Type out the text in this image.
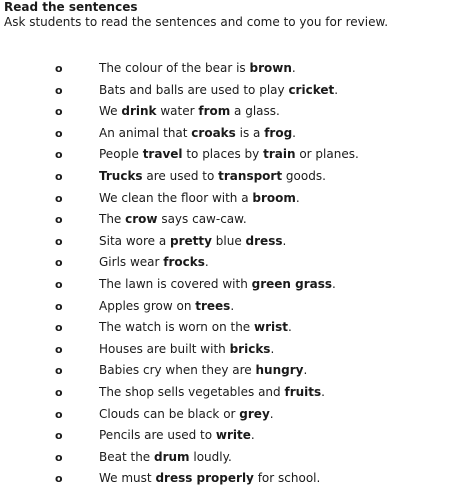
Read the sentences
Ask students to read the sentences and come to you for review.
o	The colour of the bear is brown.
o	Bats and balls are used to play cricket.
o	We drink water from a glass.
o	An animal that croaks is a frog.
o	People travel to places by train or planes.
o	Trucks are used to transport goods.
o	We clean the floor with a broom.
o	The crow says caw-caw.
o	Sita wore a pretty blue dress.
o	Girls wear frocks.
o	The lawn is covered with green grass.
o	Apples grow on trees.
o	The watch is worn on the wrist.
o	Houses are built with bricks.
o	Babies cry when they are hungry.
o	The shop sells vegetables and fruits.
o	Clouds can be black or grey.
o	Pencils are used to write.
o	Beat the drum loudly.
o	We must dress properly for school.
